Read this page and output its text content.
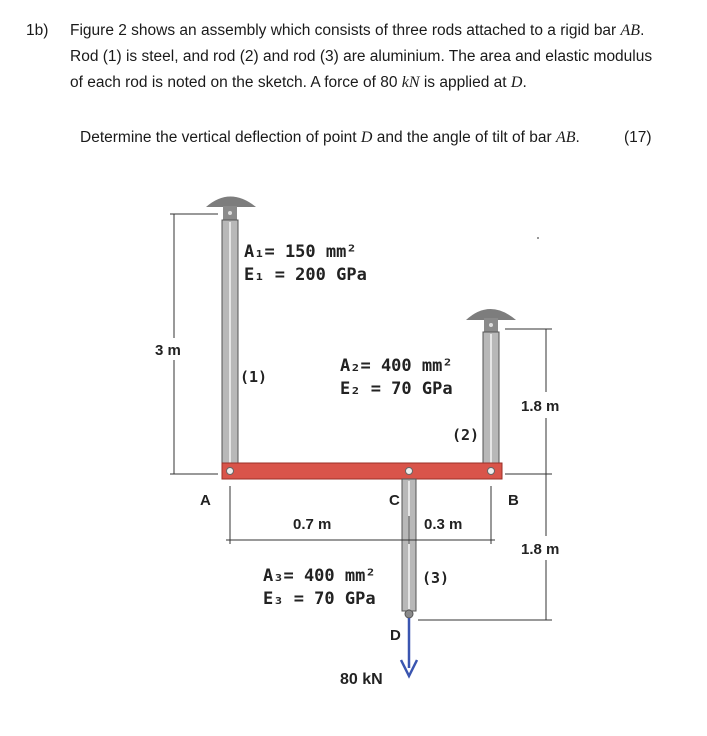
1b) Figure 2 shows an assembly which consists of three rods attached to a rigid bar AB.

Rod (1) is steel, and rod (2) and rod (3) are aluminium. The area and elastic modulus

of each rod is noted on the sketch. A force of 80 kN is applied at D.

Determine the vertical deflection of point D and the angle of tilt of bar AB.	(17)
A₁= 150 mm²
E₁ = 200 GPa
(1)
A₂= 400 mm²
E₂ = 70 GPa
(2)
A₃= 400 mm²
E₃ = 70 GPa
(3)
3 m
1.8 m
1.8 m
0.7 m	0.3 m
A	B
C
D
80 kN
